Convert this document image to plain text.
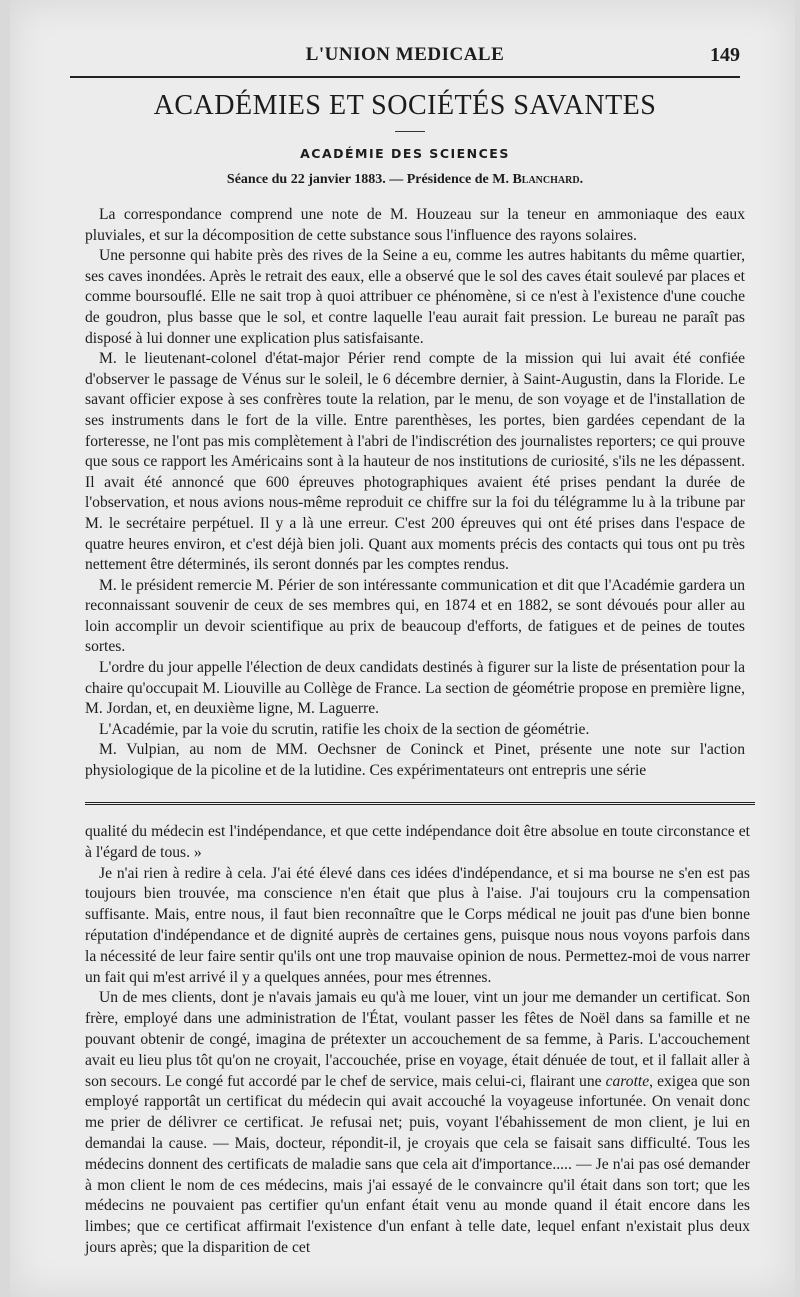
L'UNION MEDICALE	149
ACADÉMIES ET SOCIÉTÉS SAVANTES
ACADÉMIE DES SCIENCES
Séance du 22 janvier 1883. — Présidence de M. Blanchard.

La correspondance comprend une note de M. Houzeau sur la teneur en ammoniaque des eaux pluviales, et sur la décomposition de cette substance sous l'influence des rayons solaires.

Une personne qui habite près des rives de la Seine a eu, comme les autres habitants du même quartier, ses caves inondées. Après le retrait des eaux, elle a observé que le sol des caves était soulevé par places et comme boursouflé. Elle ne sait trop à quoi attribuer ce phénomène, si ce n'est à l'existence d'une couche de goudron, plus basse que le sol, et contre laquelle l'eau aurait fait pression. Le bureau ne paraît pas disposé à lui donner une explication plus satisfaisante.

M. le lieutenant-colonel d'état-major Périer rend compte de la mission qui lui avait été confiée d'observer le passage de Vénus sur le soleil, le 6 décembre dernier, à Saint-Augustin, dans la Floride. Le savant officier expose à ses confrères toute la relation, par le menu, de son voyage et de l'installation de ses instruments dans le fort de la ville. Entre parenthèses, les portes, bien gardées cependant de la forteresse, ne l'ont pas mis complètement à l'abri de l'indiscrétion des journalistes reporters; ce qui prouve que sous ce rapport les Américains sont à la hauteur de nos institutions de curiosité, s'ils ne les dépassent. Il avait été annoncé que 600 épreuves photographiques avaient été prises pendant la durée de l'observation, et nous avions nous-même reproduit ce chiffre sur la foi du télégramme lu à la tribune par M. le secrétaire perpétuel. Il y a là une erreur. C'est 200 épreuves qui ont été prises dans l'espace de quatre heures environ, et c'est déjà bien joli. Quant aux moments précis des contacts qui tous ont pu très nettement être déterminés, ils seront donnés par les comptes rendus.

M. le président remercie M. Périer de son intéressante communication et dit que l'Académie gardera un reconnaissant souvenir de ceux de ses membres qui, en 1874 et en 1882, se sont dévoués pour aller au loin accomplir un devoir scientifique au prix de beaucoup d'efforts, de fatigues et de peines de toutes sortes.

L'ordre du jour appelle l'élection de deux candidats destinés à figurer sur la liste de présentation pour la chaire qu'occupait M. Liouville au Collège de France. La section de géométrie propose en première ligne, M. Jordan, et, en deuxième ligne, M. Laguerre.

L'Académie, par la voie du scrutin, ratifie les choix de la section de géométrie.

M. Vulpian, au nom de MM. Oechsner de Coninck et Pinet, présente une note sur l'action physiologique de la picoline et de la lutidine. Ces expérimentateurs ont entrepris une série

qualité du médecin est l'indépendance, et que cette indépendance doit être absolue en toute circonstance et à l'égard de tous. »

Je n'ai rien à redire à cela. J'ai été élevé dans ces idées d'indépendance, et si ma bourse ne s'en est pas toujours bien trouvée, ma conscience n'en était que plus à l'aise. J'ai toujours cru la compensation suffisante. Mais, entre nous, il faut bien reconnaître que le Corps médical ne jouit pas d'une bien bonne réputation d'indépendance et de dignité auprès de certaines gens, puisque nous nous voyons parfois dans la nécessité de leur faire sentir qu'ils ont une trop mauvaise opinion de nous. Permettez-moi de vous narrer un fait qui m'est arrivé il y a quelques années, pour mes étrennes.

Un de mes clients, dont je n'avais jamais eu qu'à me louer, vint un jour me demander un certificat. Son frère, employé dans une administration de l'État, voulant passer les fêtes de Noël dans sa famille et ne pouvant obtenir de congé, imagina de prétexter un accouchement de sa femme, à Paris. L'accouchement avait eu lieu plus tôt qu'on ne croyait, l'accouchée, prise en voyage, était dénuée de tout, et il fallait aller à son secours. Le congé fut accordé par le chef de service, mais celui-ci, flairant une carotte, exigea que son employé rapportât un certificat du médecin qui avait accouché la voyageuse infortunée. On venait donc me prier de délivrer ce certificat. Je refusai net; puis, voyant l'ébahissement de mon client, je lui en demandai la cause. — Mais, docteur, répondit-il, je croyais que cela se faisait sans difficulté. Tous les médecins donnent des certificats de maladie sans que cela ait d'importance..... — Je n'ai pas osé demander à mon client le nom de ces médecins, mais j'ai essayé de le convaincre qu'il était dans son tort; que les médecins ne pouvaient pas certifier qu'un enfant était venu au monde quand il était encore dans les limbes; que ce certificat affirmait l'existence d'un enfant à telle date, lequel enfant n'existait plus deux jours après; que la disparition de cet
